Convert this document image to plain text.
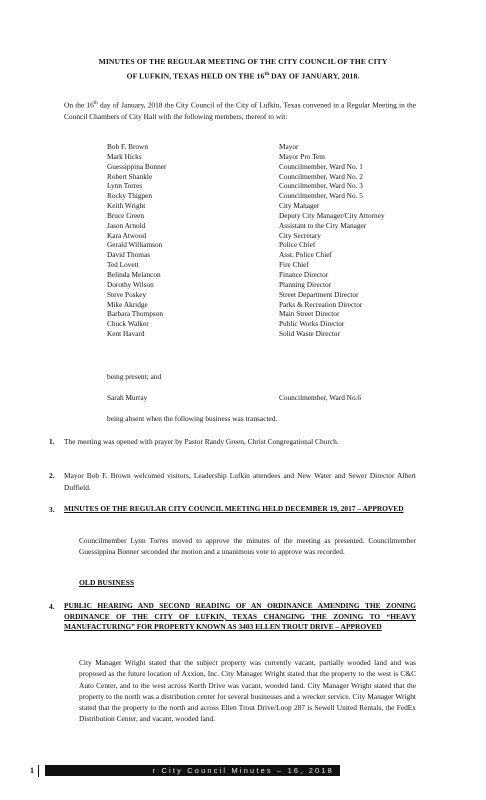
MINUTES OF THE REGULAR MEETING OF THE CITY COUNCIL OF THE CITY
OF LUFKIN, TEXAS HELD ON THE 16th DAY OF JANUARY, 2018.
On the 16th day of January, 2018 the City Council of the City of Lufkin, Texas convened in a Regular Meeting in the Council Chambers of City Hall with the following members, thereof to wit:
Bob F. Brown	Mayor
Mark Hicks	Mayor Pro Tem
Guessippina Bonner	Councilmember, Ward No. 1
Robert Shankle	Councilmember, Ward No. 2
Lynn Torres	Councilmember, Ward No. 3
Rocky Thigpen	Councilmember, Ward No. 5
Keith Wright	City Manager
Bruce Green	Deputy City Manager/City Attorney
Jason Arnold	Assistant to the City Manager
Kara Atwood	City Secretary
Gerald Williamson	Police Chief
David Thomas	Asst. Police Chief
Ted Lovett	Fire Chief
Belinda Melancon	Finance Director
Dorothy Wilson	Planning Director
Steve Poskey	Street Department Director
Mike Akridge	Parks & Recreation Director
Barbara Thompson	Main Street Director
Chuck Walker	Public Works Director
Kent Havard	Solid Waste Director
being present; and
Sarah Murray	Councilmember, Ward No.6
being absent when the following business was transacted.
1. The meeting was opened with prayer by Pastor Randy Green, Christ Congregational Church.
2. Mayor Bob F. Brown welcomed visitors, Leadership Lufkin attendees and New Water and Sewer Director Albert Duffield.
3. MINUTES OF THE REGULAR CITY COUNCIL MEETING HELD DECEMBER 19, 2017 – APPROVED
Councilmember Lynn Torres moved to approve the minutes of the meeting as presented. Councilmember Guessippina Bonner seconded the motion and a unanimous vote to approve was recorded.
OLD BUSINESS
4. PUBLIC HEARING AND SECOND READING OF AN ORDINANCE AMENDING THE ZONING ORDINANCE OF THE CITY OF LUFKIN, TEXAS CHANGING THE ZONING TO “HEAVY MANUFACTURING” FOR PROPERTY KNOWN AS 3403 ELLEN TROUT DRIVE – APPROVED
City Manager Wright stated that the subject property was currently vacant, partially wooded land and was proposed as the future location of Axxion, Inc. City Manager Wright stated that the property to the west is C&C Auto Center, and to the west across Kurth Drive was vacant, wooded land. City Manager Wright stated that the property to the north was a distribution center for several businesses and a wrecker service. City Manager Wright stated that the property to the north and across Ellen Trout Drive/Loop 287 is Sewell United Rentals, the FedEx Distribution Center, and vacant, wooded land.
1	r City Council Minutes – 16, 2018
